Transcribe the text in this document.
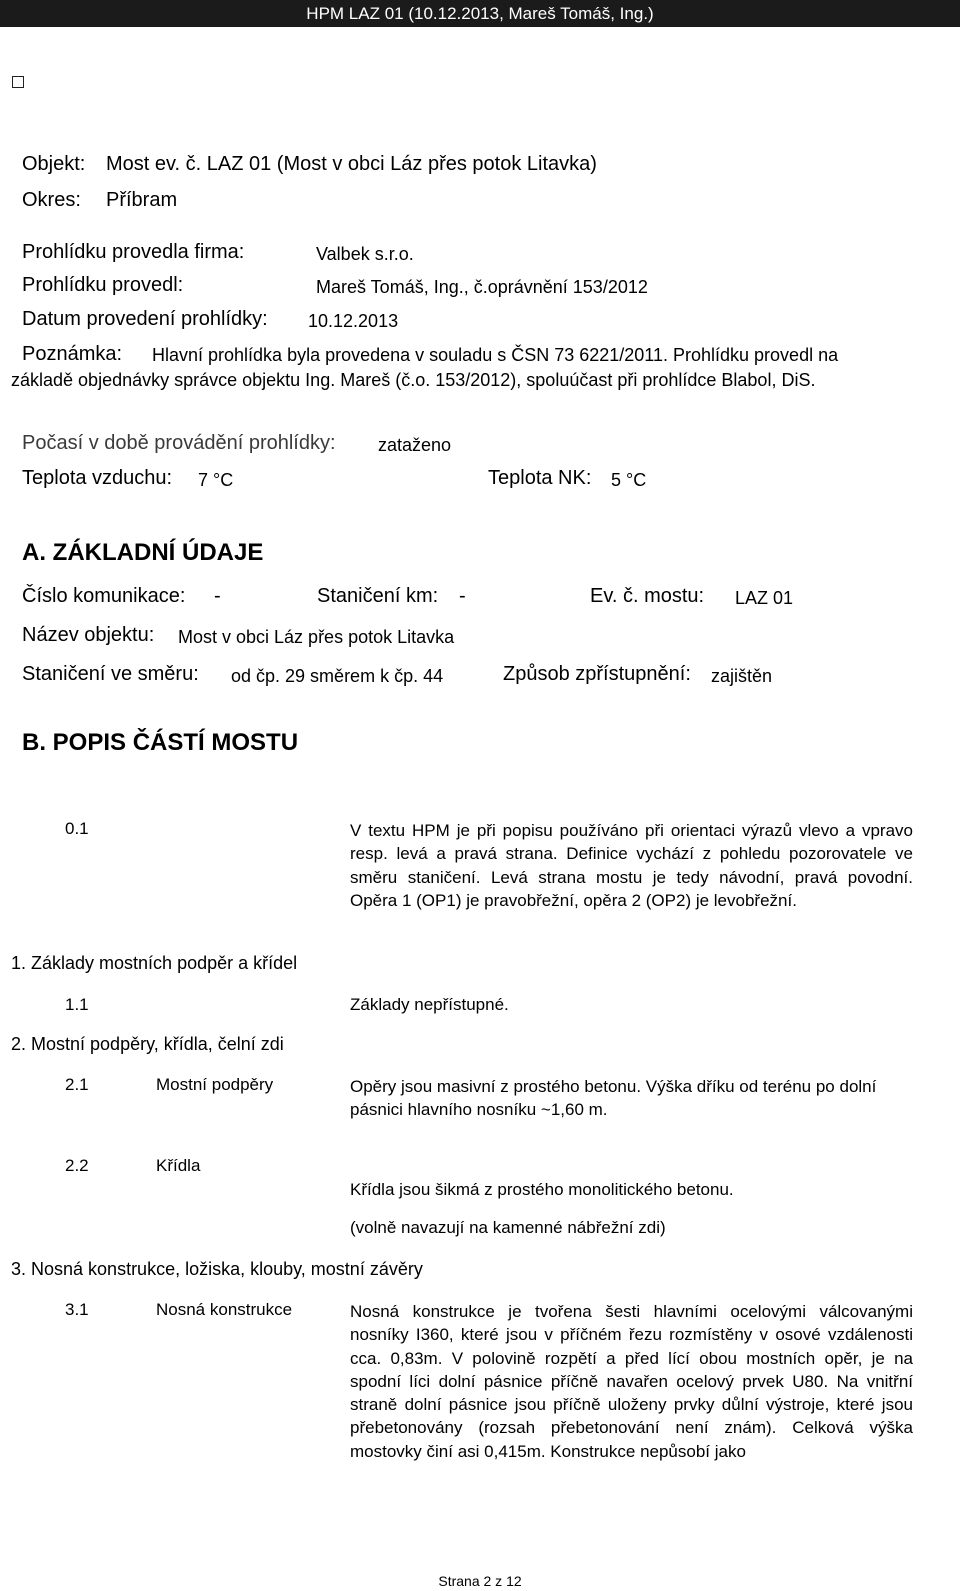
HPM LAZ 01 (10.12.2013, Mareš Tomáš, Ing.)
Objekt: Most ev. č. LAZ 01 (Most v obci Láz přes potok Litavka)
Okres: Příbram
Prohlídku provedla firma:	Valbek s.r.o.
Prohlídku provedl:	Mareš Tomáš, Ing., č.oprávnění 153/2012
Datum provedení prohlídky: 10.12.2013
Poznámka: Hlavní prohlídka byla provedena v souladu s ČSN 73 6221/2011. Prohlídku provedl na
základě objednávky správce objektu Ing. Mareš (č.o. 153/2012), spoluúčast při prohlídce Blabol, DiS.
Počasí v době provádění prohlídky: zataženo
Teplota vzduchu: 7 °C	Teplota NK: 5 °C
A. ZÁKLADNÍ ÚDAJE
Číslo komunikace: -	Staničení km: -	Ev. č. mostu: LAZ 01
Název objektu: Most v obci Láz přes potok Litavka
Staničení ve směru: od čp. 29 směrem k čp. 44	Způsob zpřístupnění: zajištěn
B. POPIS ČÁSTÍ MOSTU
0.1	V textu HPM je při popisu používáno při orientaci výrazů vlevo a vpravo resp. levá a pravá strana. Definice vychází z pohledu pozorovatele ve směru staničení. Levá strana mostu je tedy návodní, pravá povodní. Opěra 1 (OP1) je pravobřežní, opěra 2 (OP2) je levobřežní.
1. Základy mostních podpěr a křídel
1.1	Základy nepřístupné.
2. Mostní podpěry, křídla, čelní zdi
2.1	Mostní podpěry	Opěry jsou masivní z prostého betonu. Výška dříku od terénu po dolní pásnici hlavního nosníku ~1,60 m.
2.2	Křídla
Křídla jsou šikmá z prostého monolitického betonu.
(volně navazují na kamenné nábřežní zdi)
3. Nosná konstrukce, ložiska, klouby, mostní závěry
3.1	Nosná konstrukce	Nosná konstrukce je tvořena šesti hlavními ocelovými válcovanými nosníky I360, které jsou v příčném řezu rozmístěny v osové vzdálenosti cca. 0,83m. V polovině rozpětí a před lící obou mostních opěr, je na spodní líci dolní pásnice příčně navařen ocelový prvek U80. Na vnitřní straně dolní pásnice jsou příčně uloženy prvky důlní výstroje, které jsou přebetonovány (rozsah přebetonování není znám). Celková výška mostovky činí asi 0,415m. Konstrukce nepůsobí jako
Strana 2 z 12
